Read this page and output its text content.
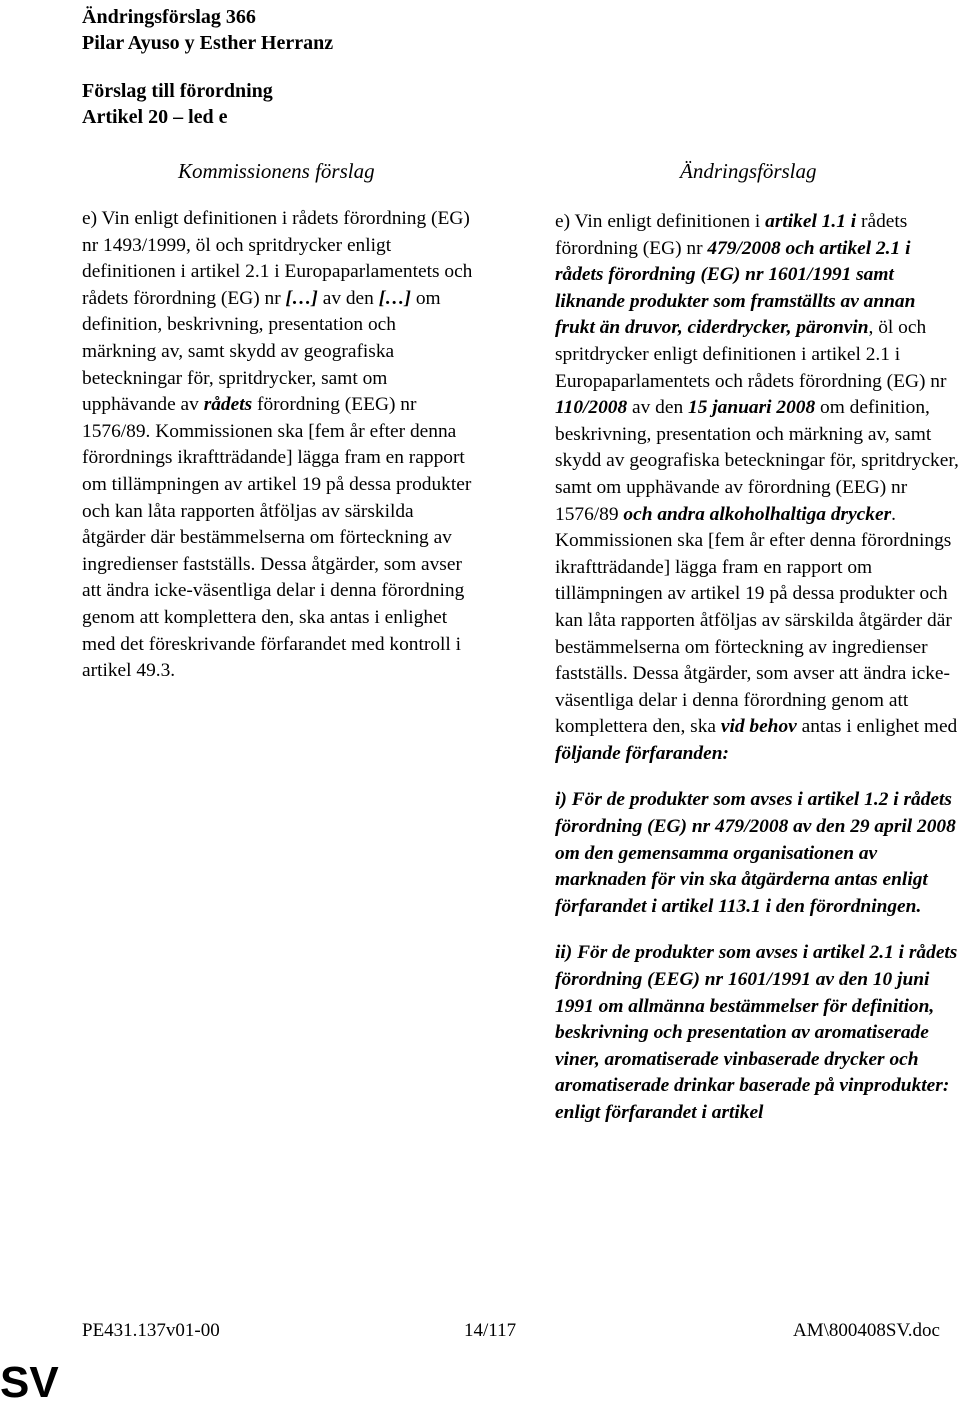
Ändringsförslag 366
Pilar Ayuso y Esther Herranz
Förslag till förordning
Artikel 20 – led e
Kommissionens förslag	Ändringsförslag

e) Vin enligt definitionen i rådets förordning (EG) nr 1493/1999, öl och spritdrycker enligt definitionen i artikel 2.1 i Europaparlamentets och rådets förordning (EG) nr […] av den […] om definition, beskrivning, presentation och märkning av, samt skydd av geografiska beteckningar för, spritdrycker, samt om upphävande av rådets förordning (EEG) nr 1576/89. Kommissionen ska [fem år efter denna förordnings ikraftträdande] lägga fram en rapport om tillämpningen av artikel 19 på dessa produkter och kan låta rapporten åtföljas av särskilda åtgärder där bestämmelserna om förteckning av ingredienser fastställs. Dessa åtgärder, som avser att ändra icke-väsentliga delar i denna förordning genom att komplettera den, ska antas i enlighet med det föreskrivande förfarandet med kontroll i artikel 49.3.

e) Vin enligt definitionen i artikel 1.1 i rådets förordning (EG) nr 479/2008 och artikel 2.1 i rådets förordning (EG) nr 1601/1991 samt liknande produkter som framställts av annan frukt än druvor, ciderdrycker, päronvin, öl och spritdrycker enligt definitionen i artikel 2.1 i Europaparlamentets och rådets förordning (EG) nr 110/2008 av den 15 januari 2008 om definition, beskrivning, presentation och märkning av, samt skydd av geografiska beteckningar för, spritdrycker, samt om upphävande av förordning (EEG) nr 1576/89 och andra alkoholhaltiga drycker. Kommissionen ska [fem år efter denna förordnings ikraftträdande] lägga fram en rapport om tillämpningen av artikel 19 på dessa produkter och kan låta rapporten åtföljas av särskilda åtgärder där bestämmelserna om förteckning av ingredienser fastställs. Dessa åtgärder, som avser att ändra icke-väsentliga delar i denna förordning genom att komplettera den, ska vid behov antas i enlighet med följande förfaranden:

i) För de produkter som avses i artikel 1.2 i rådets förordning (EG) nr 479/2008 av den 29 april 2008 om den gemensamma organisationen av marknaden för vin ska åtgärderna antas enligt förfarandet i artikel 113.1 i den förordningen.

ii) För de produkter som avses i artikel 2.1 i rådets förordning (EEG) nr 1601/1991 av den 10 juni 1991 om allmänna bestämmelser för definition, beskrivning och presentation av aromatiserade viner, aromatiserade vinbaserade drycker och aromatiserade drinkar baserade på vinprodukter: enligt förfarandet i artikel

PE431.137v01-00	14/117	AM\800408SV.doc
SV
